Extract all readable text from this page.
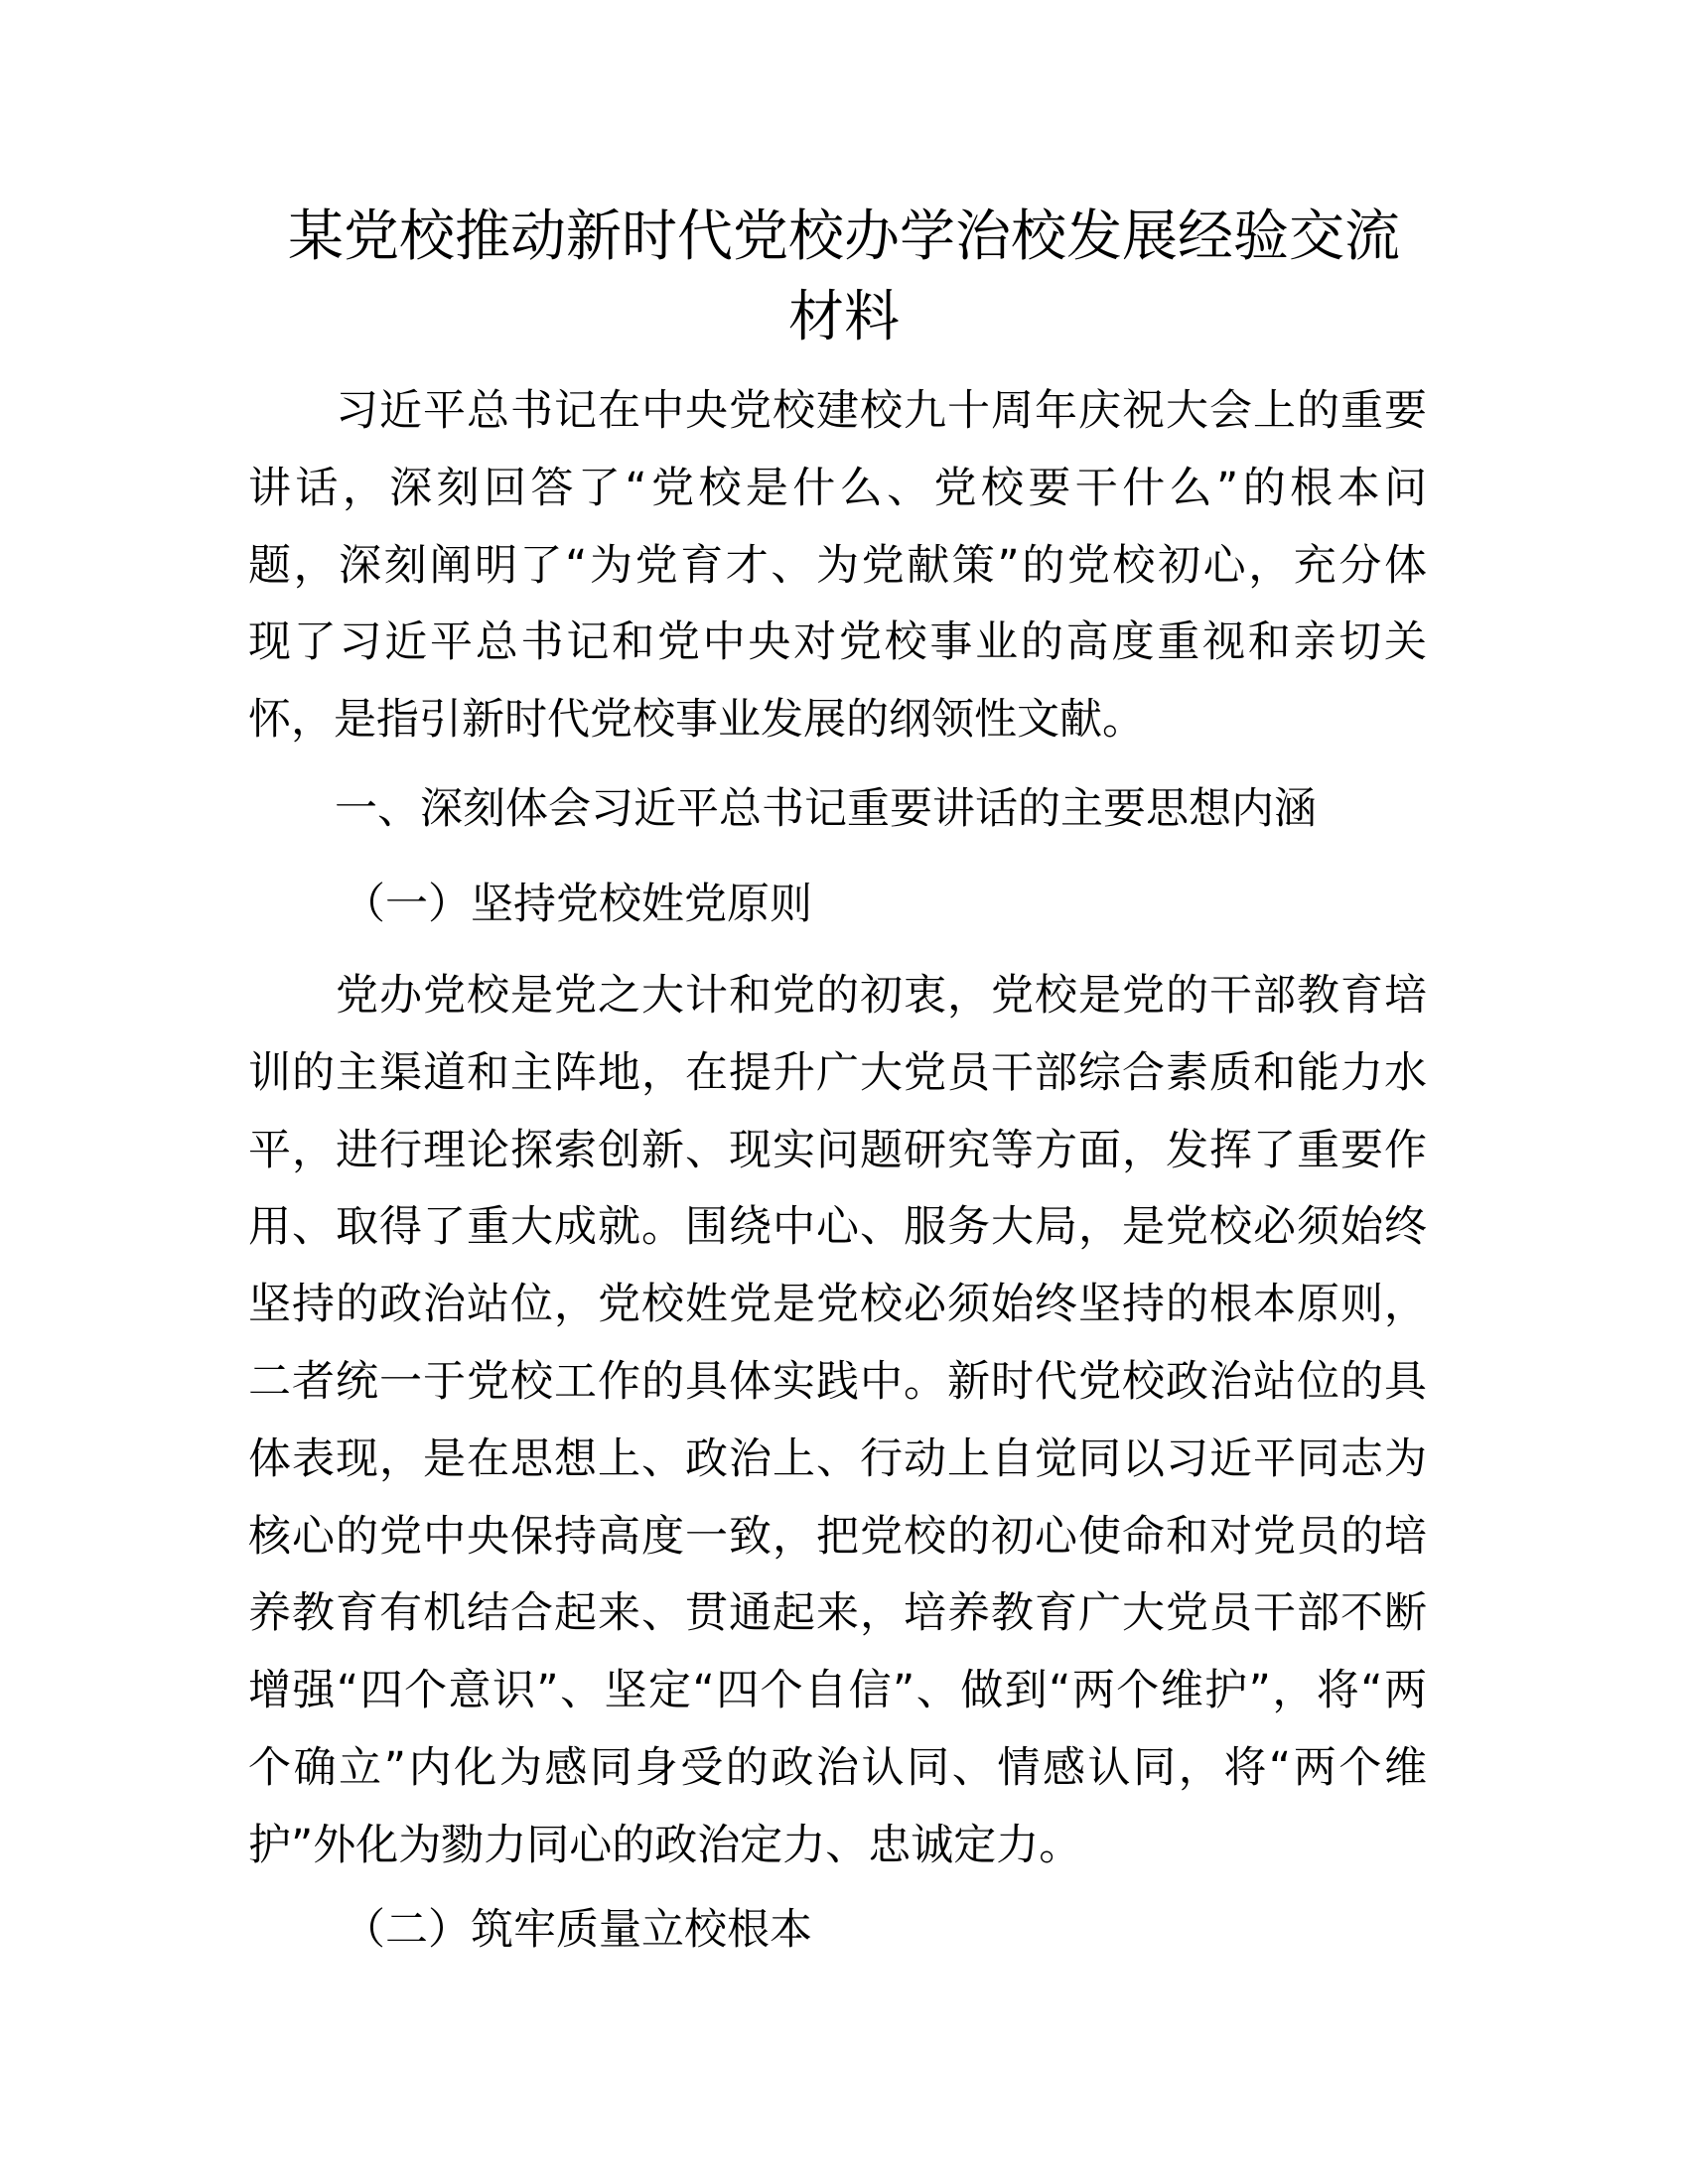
某党校推动新时代党校办学治校发展经验交流
材料
　　习近平总书记在中央党校建校九十周年庆祝大会上的重要
讲话，深刻回答了“党校是什么、党校要干什么”的根本问
题，深刻阐明了“为党育才、为党献策”的党校初心，充分体
现了习近平总书记和党中央对党校事业的高度重视和亲切关
怀，是指引新时代党校事业发展的纲领性文献。
一、深刻体会习近平总书记重要讲话的主要思想内涵
（一）坚持党校姓党原则
　　党办党校是党之大计和党的初衷，党校是党的干部教育培
训的主渠道和主阵地，在提升广大党员干部综合素质和能力水
平，进行理论探索创新、现实问题研究等方面，发挥了重要作
用、取得了重大成就。围绕中心、服务大局，是党校必须始终
坚持的政治站位，党校姓党是党校必须始终坚持的根本原则，
二者统一于党校工作的具体实践中。新时代党校政治站位的具
体表现，是在思想上、政治上、行动上自觉同以习近平同志为
核心的党中央保持高度一致，把党校的初心使命和对党员的培
养教育有机结合起来、贯通起来，培养教育广大党员干部不断
增强“四个意识”、坚定“四个自信”、做到“两个维护”，将“两
个确立”内化为感同身受的政治认同、情感认同，将“两个维
护”外化为勠力同心的政治定力、忠诚定力。
（二）筑牢质量立校根本
